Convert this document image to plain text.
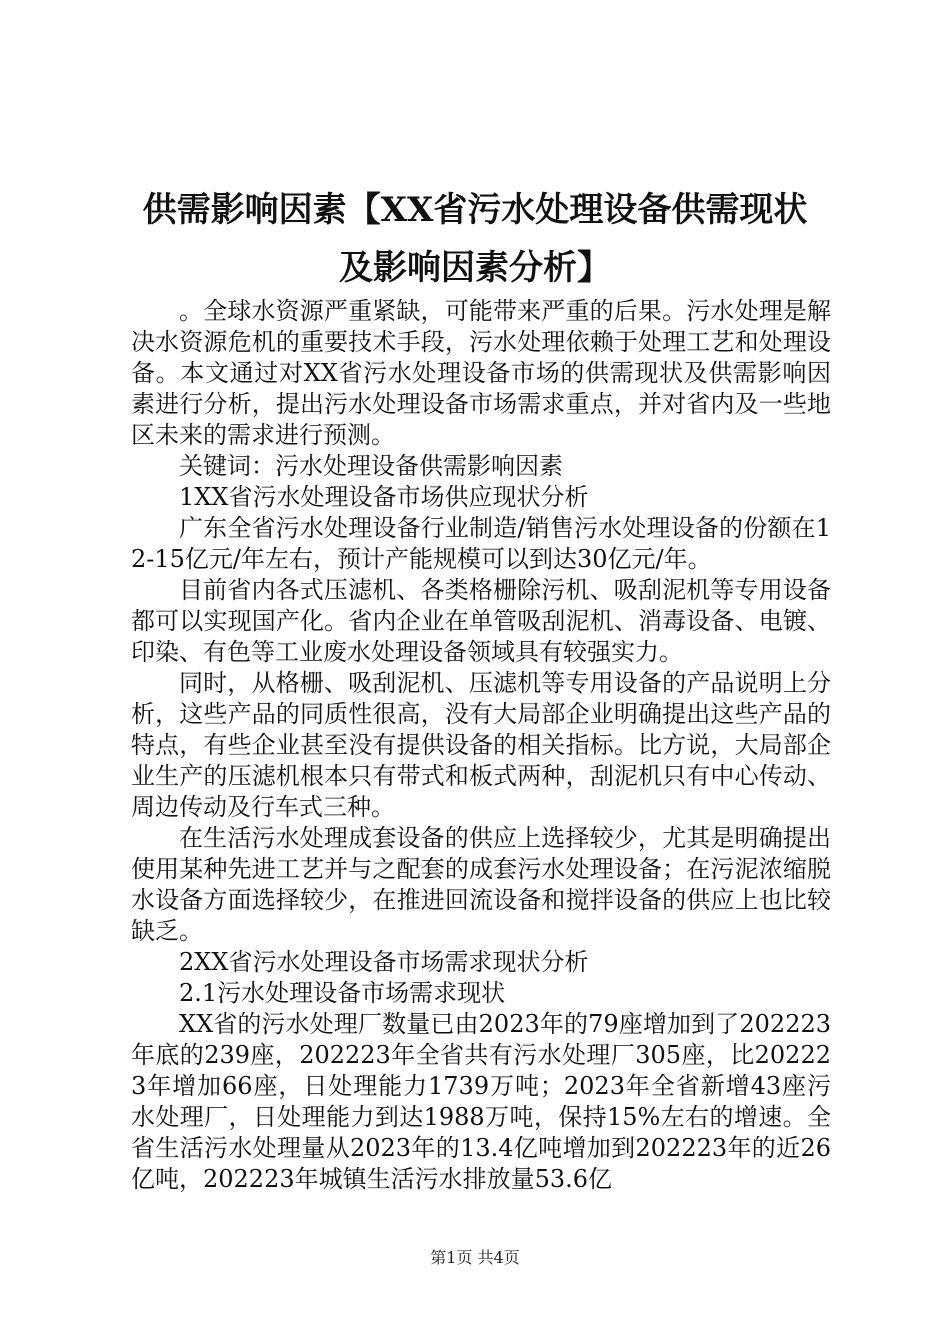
供需影响因素【XX省污水处理设备供需现状
及影响因素分析】

。全球水资源严重紧缺，可能带来严重的后果。污水处理是解决水资源危机的重要技术手段，污水处理依赖于处理工艺和处理设备。本文通过对XX省污水处理设备市场的供需现状及供需影响因素进行分析，提出污水处理设备市场需求重点，并对省内及一些地区未来的需求进行预测。

关键词：污水处理设备供需影响因素

1XX省污水处理设备市场供应现状分析

广东全省污水处理设备行业制造/销售污水处理设备的份额在12-15亿元/年左右，预计产能规模可以到达30亿元/年。

目前省内各式压滤机、各类格栅除污机、吸刮泥机等专用设备都可以实现国产化。省内企业在单管吸刮泥机、消毒设备、电镀、印染、有色等工业废水处理设备领域具有较强实力。

同时，从格栅、吸刮泥机、压滤机等专用设备的产品说明上分析，这些产品的同质性很高，没有大局部企业明确提出这些产品的特点，有些企业甚至没有提供设备的相关指标。比方说，大局部企业生产的压滤机根本只有带式和板式两种，刮泥机只有中心传动、周边传动及行车式三种。

在生活污水处理成套设备的供应上选择较少，尤其是明确提出使用某种先进工艺并与之配套的成套污水处理设备；在污泥浓缩脱水设备方面选择较少，在推进回流设备和搅拌设备的供应上也比较缺乏。

2XX省污水处理设备市场需求现状分析

2.1污水处理设备市场需求现状

XX省的污水处理厂数量已由2023年的79座增加到了202223年底的239座，202223年全省共有污水处理厂305座，比202223年增加66座，日处理能力1739万吨；2023年全省新增43座污水处理厂，日处理能力到达1988万吨，保持15%左右的增速。全省生活污水处理量从2023年的13.4亿吨增加到202223年的近26亿吨，202223年城镇生活污水排放量53.6亿

第1页 共4页
